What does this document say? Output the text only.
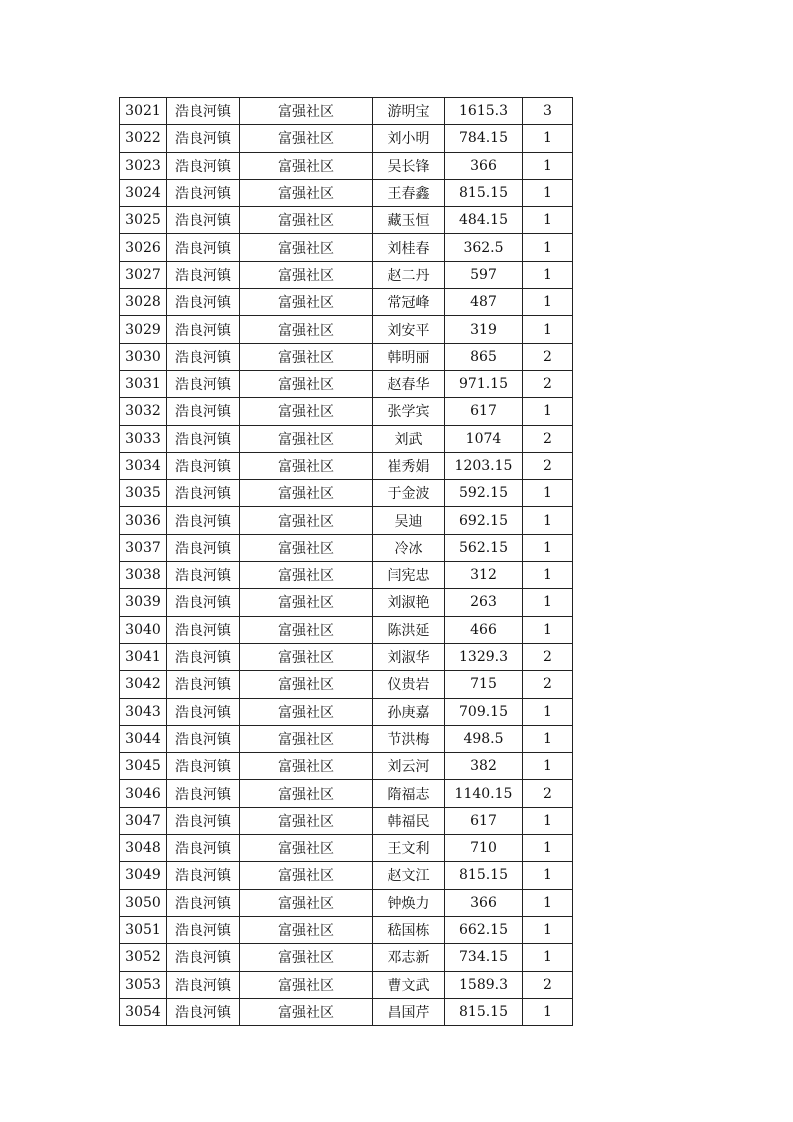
3021	浩良河镇	富强社区	游明宝	1615.3	3
3022	浩良河镇	富强社区	刘小明	784.15	1
3023	浩良河镇	富强社区	吴长锋	366	1
3024	浩良河镇	富强社区	王春鑫	815.15	1
3025	浩良河镇	富强社区	藏玉恒	484.15	1
3026	浩良河镇	富强社区	刘桂春	362.5	1
3027	浩良河镇	富强社区	赵二丹	597	1
3028	浩良河镇	富强社区	常冠峰	487	1
3029	浩良河镇	富强社区	刘安平	319	1
3030	浩良河镇	富强社区	韩明丽	865	2
3031	浩良河镇	富强社区	赵春华	971.15	2
3032	浩良河镇	富强社区	张学宾	617	1
3033	浩良河镇	富强社区	刘武	1074	2
3034	浩良河镇	富强社区	崔秀娟	1203.15	2
3035	浩良河镇	富强社区	于金波	592.15	1
3036	浩良河镇	富强社区	吴迪	692.15	1
3037	浩良河镇	富强社区	冷冰	562.15	1
3038	浩良河镇	富强社区	闫宪忠	312	1
3039	浩良河镇	富强社区	刘淑艳	263	1
3040	浩良河镇	富强社区	陈洪延	466	1
3041	浩良河镇	富强社区	刘淑华	1329.3	2
3042	浩良河镇	富强社区	仪贵岩	715	2
3043	浩良河镇	富强社区	孙庚嘉	709.15	1
3044	浩良河镇	富强社区	节洪梅	498.5	1
3045	浩良河镇	富强社区	刘云河	382	1
3046	浩良河镇	富强社区	隋福志	1140.15	2
3047	浩良河镇	富强社区	韩福民	617	1
3048	浩良河镇	富强社区	王文利	710	1
3049	浩良河镇	富强社区	赵文江	815.15	1
3050	浩良河镇	富强社区	钟焕力	366	1
3051	浩良河镇	富强社区	嵇国栋	662.15	1
3052	浩良河镇	富强社区	邓志新	734.15	1
3053	浩良河镇	富强社区	曹文武	1589.3	2
3054	浩良河镇	富强社区	昌国芹	815.15	1
